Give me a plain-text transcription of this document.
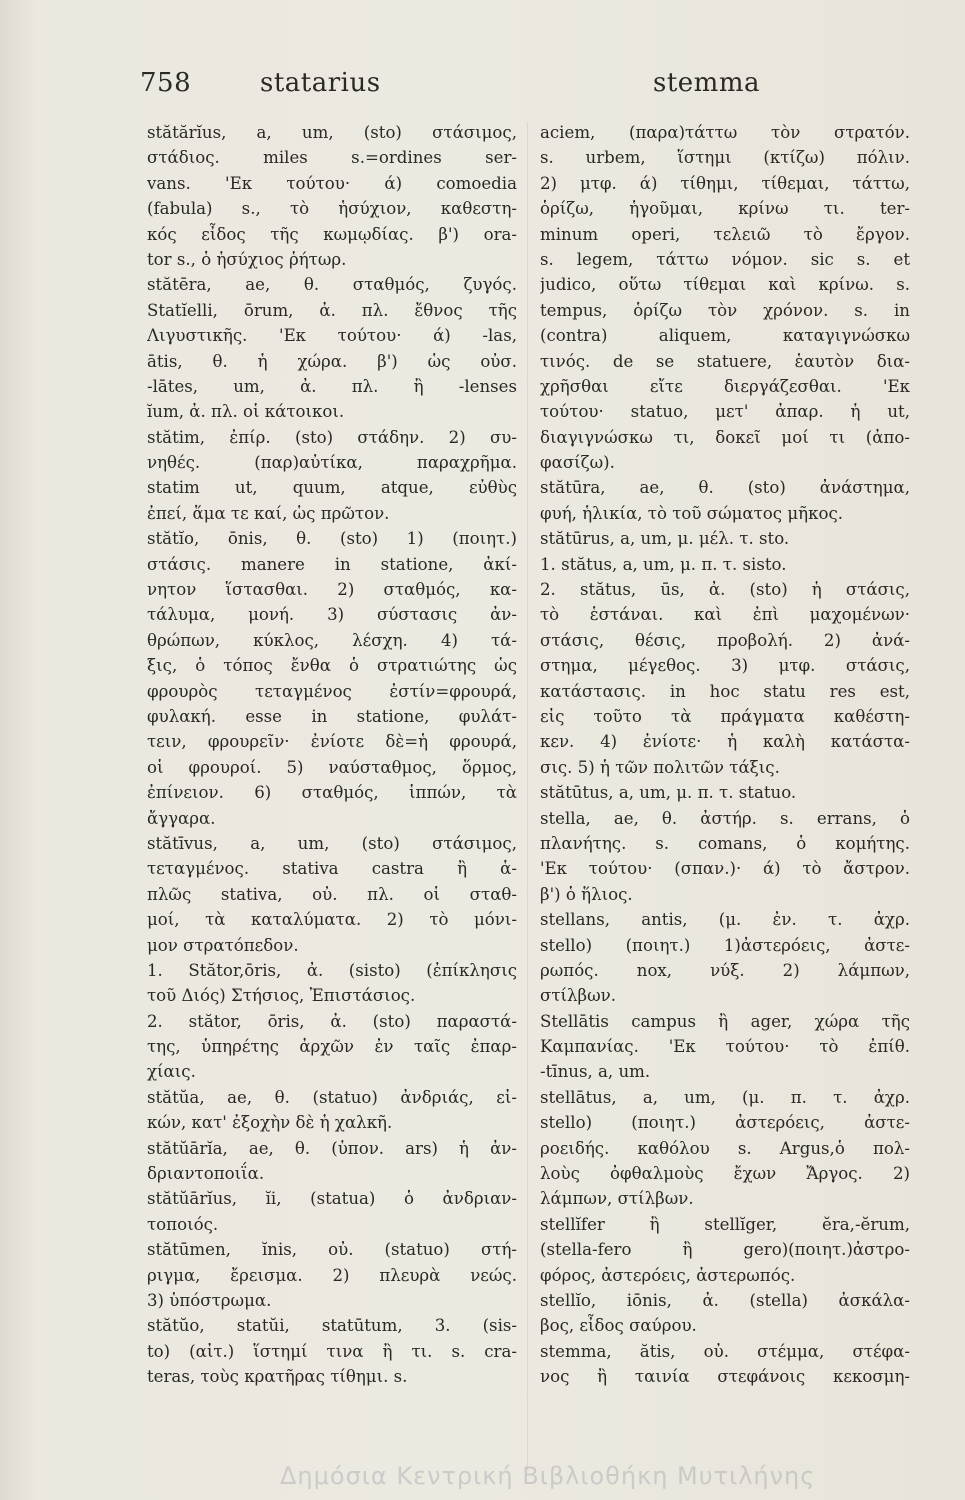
758	statarius	stemma
stătărĭus, a, um, (sto) στάσιμος,
στάδιος. miles s.=ordines ser-
vans. 'Εκ τούτου· ά) comoedia
(fabula) s., τὸ ἡσύχιον, καθεστη-
κός εἶδος τῆς κωμῳδίας. β') ora-
tor s., ὁ ἡσύχιος ῥήτωρ.
stătēra, ae, θ. σταθμός, ζυγός.
Statĭelli, ōrum, ἀ. πλ. ἔθνος τῆς
Λιγυστικῆς. 'Εκ τούτου· ά) -las,
ātis, θ. ἡ χώρα. β') ὡς οὐσ.
-lātes, um, ἀ. πλ. ἢ -lenses
ĭum, ἀ. πλ. οἱ κάτοικοι.
stătim, ἐπίρ. (sto) στάδην. 2) συ-
νηθές. (παρ)αὐτίκα, παραχρῆμα.
statim ut, quum, atque, εὐθὺς
ἐπεί, ἅμα τε καί, ὡς πρῶτον.
stătĭo, ōnis, θ. (sto) 1) (ποιητ.)
στάσις. manere in statione, ἀκί-
νητον ἵστασθαι. 2) σταθμός, κα-
τάλυμα, μονή. 3) σύστασις ἀν-
θρώπων, κύκλος, λέσχη. 4) τά-
ξις, ὁ τόπος ἔνθα ὁ στρατιώτης ὡς
φρουρὸς τεταγμένος ἐστίν=φρουρά,
φυλακή. esse in statione, φυλάτ-
τειν, φρουρεῖν· ἐνίοτε δὲ=ἡ φρουρά,
οἱ φρουροί. 5) ναύσταθμος, ὅρμος,
ἐπίνειον. 6) σταθμός, ἱππών, τὰ
ἄγγαρα.
stătīvus, a, um, (sto) στάσιμος,
τεταγμένος. stativa castra ἢ ἁ-
πλῶς stativa, οὐ. πλ. οἱ σταθ-
μοί, τὰ καταλύματα. 2) τὸ μόνι-
μον στρατόπεδον.
1. Stător,ōris, ἀ. (sisto) (ἐπίκλησις
τοῦ Διός) Στήσιος, Ἐπιστάσιος.
2. stător, ōris, ἀ. (sto) παραστά-
της, ὑπηρέτης ἀρχῶν ἐν ταῖς ἐπαρ-
χίαις.
stătŭa, ae, θ. (statuo) ἀνδριάς, εἰ-
κών, κατ' ἐξοχὴν δὲ ἡ χαλκῆ.
stătŭārĭa, ae, θ. (ὑπον. ars) ἡ ἀν-
δριαντοποιΐα.
stătŭārĭus, ĭi, (statua) ὁ ἀνδριαν-
τοποιός.
stătūmen, ĭnis, οὐ. (statuo) στή-
ριγμα, ἔρεισμα. 2) πλευρὰ νεώς.
3) ὑπόστρωμα.
stătŭo, statŭi, statūtum, 3. (sis-
to) (αἰτ.) ἵστημί τινα ἢ τι. s. cra-
teras, τοὺς κρατῆρας τίθημι. s.
aciem, (παρα)τάττω τὸν στρατόν.
s. urbem, ἵστημι (κτίζω) πόλιν.
2) μτφ. ά) τίθημι, τίθεμαι, τάττω,
ὁρίζω, ἡγοῦμαι, κρίνω τι. ter-
minum operi, τελειῶ τὸ ἔργον.
s. legem, τάττω νόμον. sic s. et
judico, οὕτω τίθεμαι καὶ κρίνω. s.
tempus, ὁρίζω τὸν χρόνον. s. in
(contra) aliquem, καταγιγνώσκω
τινός. de se statuere, ἑαυτὸν δια-
χρῆσθαι εἴτε διεργάζεσθαι. 'Εκ
τούτου· statuo, μετ' ἀπαρ. ἡ ut,
διαγιγνώσκω τι, δοκεῖ μοί τι (ἀπο-
φασίζω).
stătūra, ae, θ. (sto) ἀνάστημα,
φυή, ἡλικία, τὸ τοῦ σώματος μῆκος.
stătūrus, a, um, μ. μέλ. τ. sto.
1. stătus, a, um, μ. π. τ. sisto.
2. stătus, ūs, ἀ. (sto) ἡ στάσις,
τὸ ἑστάναι. καὶ ἐπὶ μαχομένων·
στάσις, θέσις, προβολή. 2) ἀνά-
στημα, μέγεθος. 3) μτφ. στάσις,
κατάστασις. in hoc statu res est,
εἰς τοῦτο τὰ πράγματα καθέστη-
κεν. 4) ἐνίοτε· ἡ καλὴ κατάστα-
σις. 5) ἡ τῶν πολιτῶν τάξις.
stătūtus, a, um, μ. π. τ. statuo.
stella, ae, θ. ἀστήρ. s. errans, ὁ
πλανήτης. s. comans, ὁ κομήτης.
'Εκ τούτου· (σπαν.)· ά) τὸ ἄστρον.
β') ὁ ἥλιος.
stellans, antis, (μ. ἐν. τ. ἀχρ.
stello) (ποιητ.) 1)ἀστερόεις, ἀστε-
ρωπός. nox, νύξ. 2) λάμπων,
στίλβων.
Stellātis campus ἢ ager, χώρα τῆς
Καμπανίας. 'Εκ τούτου· τὸ ἐπίθ.
-tīnus, a, um.
stellātus, a, um, (μ. π. τ. ἀχρ.
stello) (ποιητ.) ἀστερόεις, ἀστε-
ροειδής. καθόλου s. Argus,ὁ πολ-
λοὺς ὀφθαλμοὺς ἔχων Ἄργος. 2)
λάμπων, στίλβων.
stellĭfer ἢ stellĭger, ĕra,-ĕrum,
(stella-fero ἢ gero)(ποιητ.)ἀστρο-
φόρος, ἀστερόεις, ἀστερωπός.
stellĭo, iōnis, ἀ. (stella) ἀσκάλα-
βος, εἶδος σαύρου.
stemma, ătis, οὐ. στέμμα, στέφα-
νος ἢ ταινία στεφάνοις κεκοσμη-
Δημόσια Κεντρική Βιβλιοθήκη Μυτιλήνης
